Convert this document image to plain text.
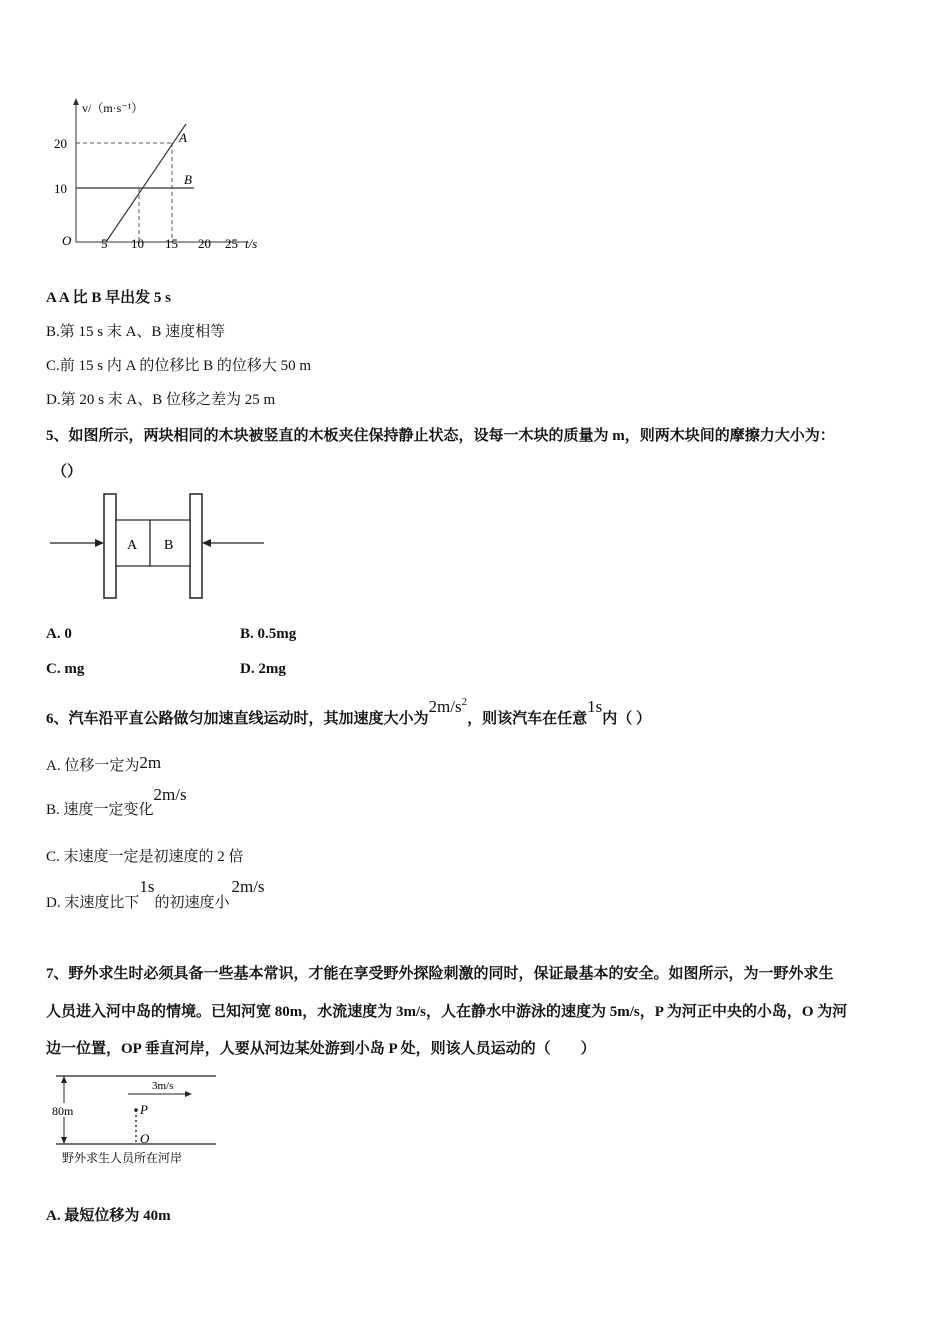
v/（m·s⁻¹）
20
10
O 5 10 15 20 25 t/s
A
B
A A 比 B 早出发 5 s
B.第 15 s 末 A、B 速度相等
C.前 15 s 内 A 的位移比 B 的位移大 50 m
D.第 20 s 末 A、B 位移之差为 25 m
5、如图所示，两块相同的木块被竖直的木板夹住保持静止状态，设每一木块的质量为 m，则两木块间的摩擦力大小为：
（）
A B
A. 0	B. 0.5mg
C. mg	D. 2mg
6、汽车沿平直公路做匀加速直线运动时，其加速度大小为$2m/s^2$，则该汽车在任意1s内（ ）
A. 位移一定为2m
B. 速度一定变化2m/s
C. 末速度一定是初速度的 2 倍
D. 末速度比下1s的初速度小2m/s
7、野外求生时必须具备一些基本常识，才能在享受野外探险刺激的同时，保证最基本的安全。如图所示，为一野外求生
人员进入河中岛的情境。已知河宽 80m，水流速度为 3m/s，人在静水中游泳的速度为 5m/s，P 为河正中央的小岛，O 为河
边一位置，OP 垂直河岸，人要从河边某处游到小岛 P 处，则该人员运动的（　　）
80m
3m/s
P
O
野外求生人员所在河岸
A. 最短位移为 40m
